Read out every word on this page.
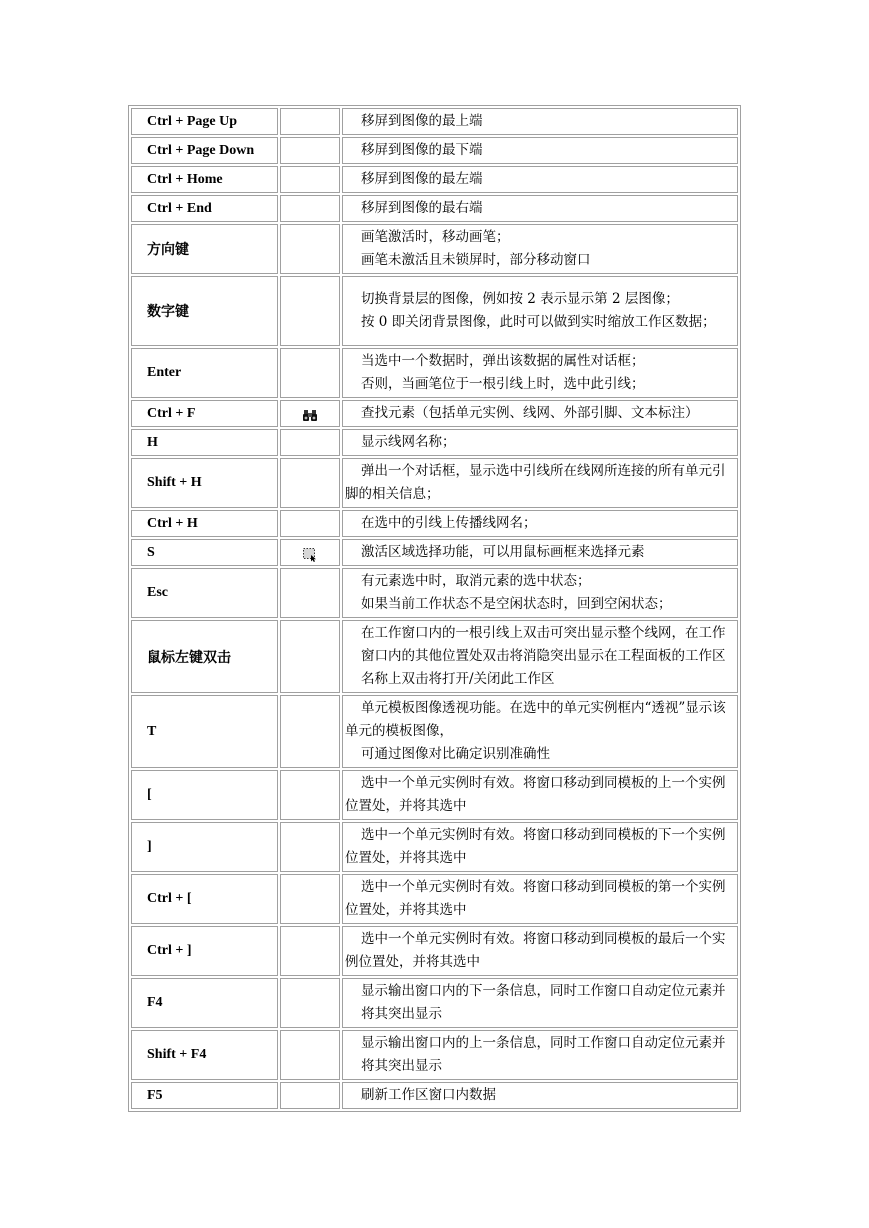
Ctrl + Page Up		移屏到图像的最上端

Ctrl + Page Down		移屏到图像的最下端

Ctrl + Home		移屏到图像的最左端

Ctrl + End		移屏到图像的最右端

方向键		画笔激活时，移动画笔；
画笔未激活且未锁屏时，部分移动窗口

数字键		切换背景层的图像，例如按 2 表示显示第 2 层图像；
按 0 即关闭背景图像，此时可以做到实时缩放工作区数据；

Enter		当选中一个数据时，弹出该数据的属性对话框；
否则，当画笔位于一根引线上时，选中此引线；

Ctrl + F		查找元素（包括单元实例、线网、外部引脚、文本标注）

H		显示线网名称；

Shift + H		弹出一个对话框，显示选中引线所在线网所连接的所有单元引脚的相关信息；

Ctrl + H		在选中的引线上传播线网名；

S		激活区域选择功能，可以用鼠标画框来选择元素

Esc		有元素选中时，取消元素的选中状态；
如果当前工作状态不是空闲状态时，回到空闲状态；

鼠标左键双击		在工作窗口内的一根引线上双击可突出显示整个线网，在工作窗口内的其他位置处双击将消隐突出显示在工程面板的工作区名称上双击将打开/关闭此工作区

T		单元模板图像透视功能。在选中的单元实例框内“透视”显示该单元的模板图像，
可通过图像对比确定识别准确性

[		选中一个单元实例时有效。将窗口移动到同模板的上一个实例位置处，并将其选中

]		选中一个单元实例时有效。将窗口移动到同模板的下一个实例位置处，并将其选中

Ctrl + [		选中一个单元实例时有效。将窗口移动到同模板的第一个实例位置处，并将其选中

Ctrl + ]		选中一个单元实例时有效。将窗口移动到同模板的最后一个实例位置处，并将其选中

F4		显示输出窗口内的下一条信息，同时工作窗口自动定位元素并将其突出显示

Shift + F4		显示输出窗口内的上一条信息，同时工作窗口自动定位元素并将其突出显示

F5		刷新工作区窗口内数据
